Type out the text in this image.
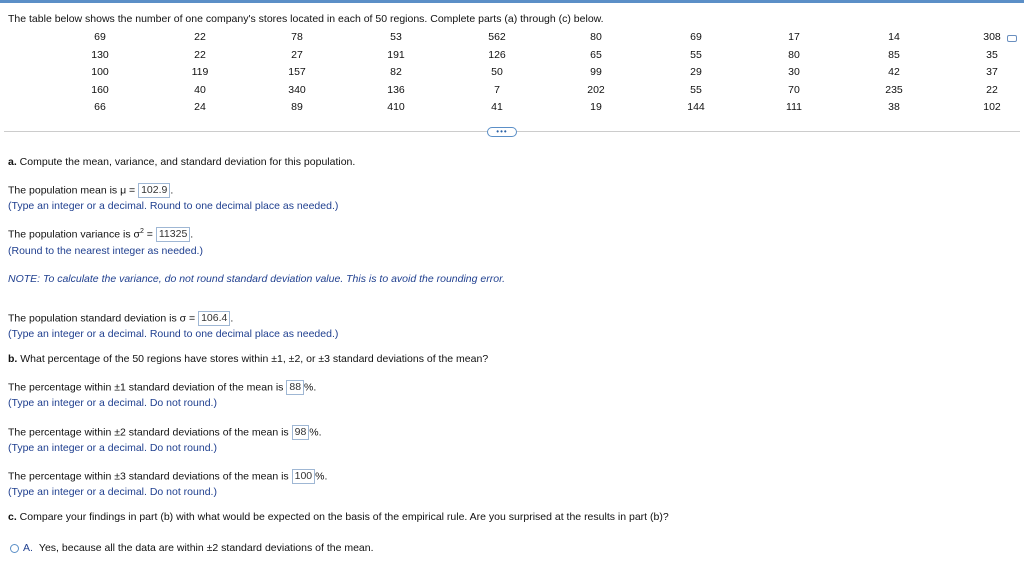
The table below shows the number of one company's stores located in each of 50 regions. Complete parts (a) through (c) below.
69	22	78	53	562	80	69	17	14	308
130	22	27	191	126	65	55	80	85	35
100	119	157	82	50	99	29	30	42	37
160	40	340	136	7	202	55	70	235	22
66	24	89	410	41	19	144	111	38	102
•••
a. Compute the mean, variance, and standard deviation for this population.
The population mean is μ = 102.9 .
(Type an integer or a decimal. Round to one decimal place as needed.)
The population variance is $\sigma^2 = 11325$ .
(Round to the nearest integer as needed.)
NOTE: To calculate the variance, do not round standard deviation value. This is to avoid the rounding error.
The population standard deviation is σ = 106.4 .
(Type an integer or a decimal. Round to one decimal place as needed.)
b. What percentage of the 50 regions have stores within ±1, ±2, or ±3 standard deviations of the mean?
The percentage within ±1 standard deviation of the mean is 88 %.
(Type an integer or a decimal. Do not round.)
The percentage within ±2 standard deviations of the mean is 98 %.
(Type an integer or a decimal. Do not round.)
The percentage within ±3 standard deviations of the mean is 100 %.
(Type an integer or a decimal. Do not round.)
c. Compare your findings in part (b) with what would be expected on the basis of the empirical rule. Are you surprised at the results in part (b)?
A. Yes, because all the data are within ±2 standard deviations of the mean.
